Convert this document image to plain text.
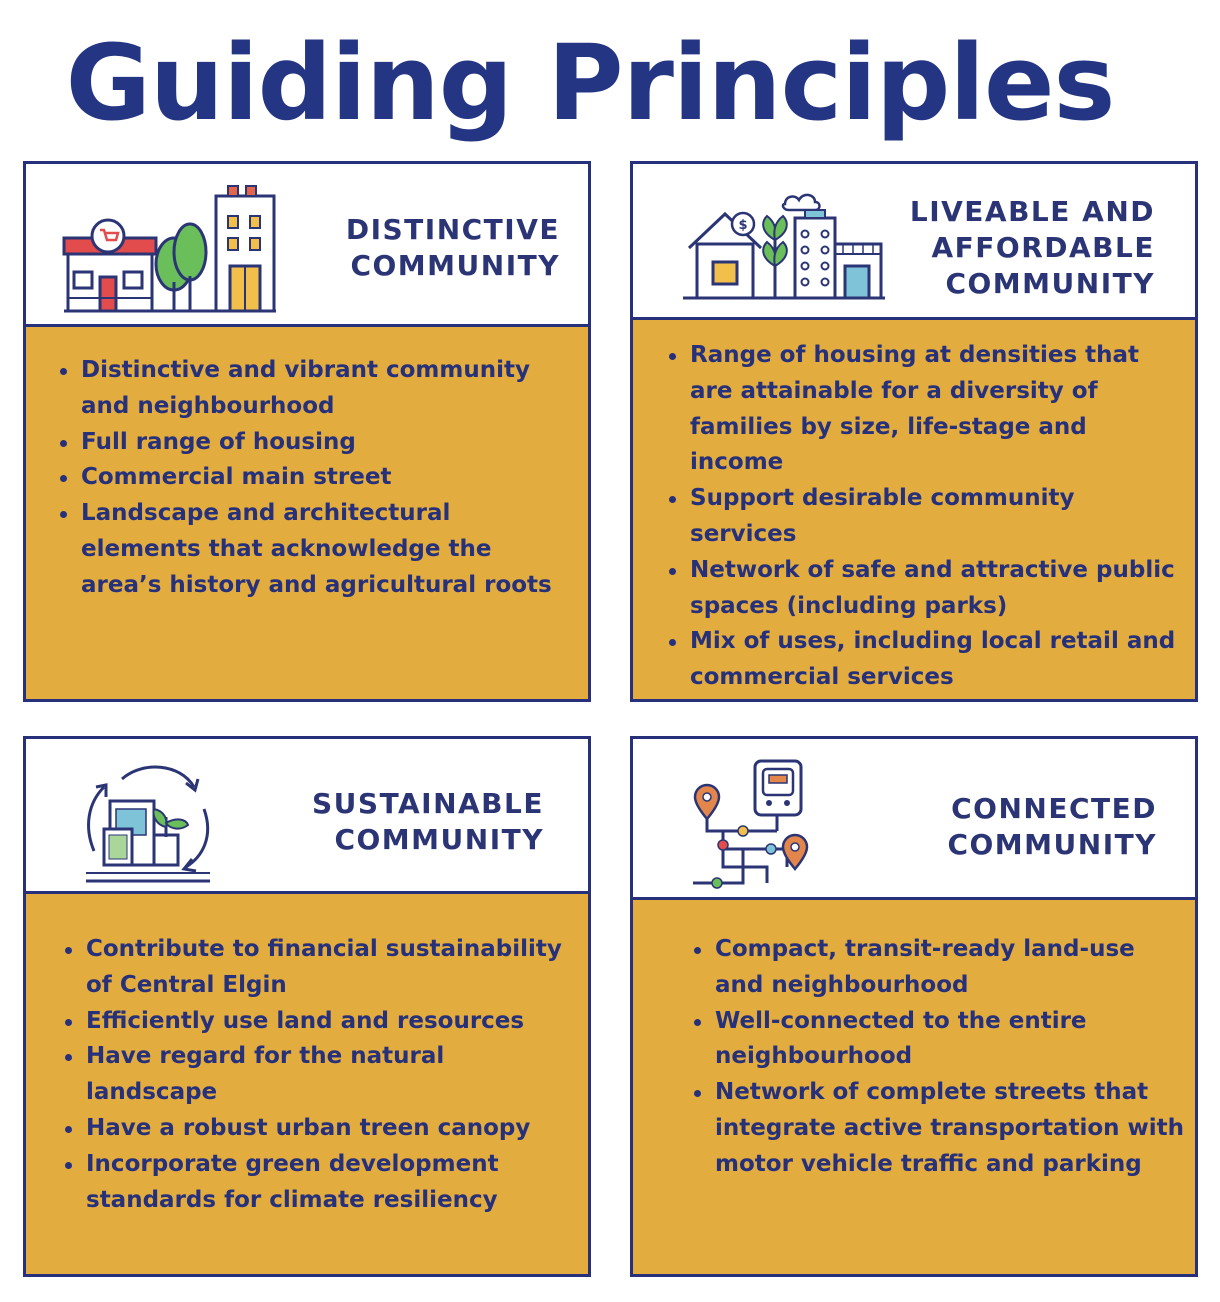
Guiding Principles
DISTINCTIVE
COMMUNITY
Distinctive and vibrant community and neighbourhood
Full range of housing
Commercial main street
Landscape and architectural elements that acknowledge the area’s history and agricultural roots
$	LIVEABLE AND
AFFORDABLE
COMMUNITY
Range of housing at densities that are attainable for a diversity of families by size, life-stage and income
Support desirable community services
Network of safe and attractive public spaces (including parks)
Mix of uses, including local retail and commercial services
SUSTAINABLE
COMMUNITY
Contribute to financial sustainability of Central Elgin
Efficiently use land and resources
Have regard for the natural landscape
Have a robust urban treen canopy
Incorporate green development standards for climate resiliency
CONNECTED
COMMUNITY
Compact, transit-ready land-use and neighbourhood
Well-connected to the entire neighbourhood
Network of complete streets that integrate active transportation with motor vehicle traffic and parking
